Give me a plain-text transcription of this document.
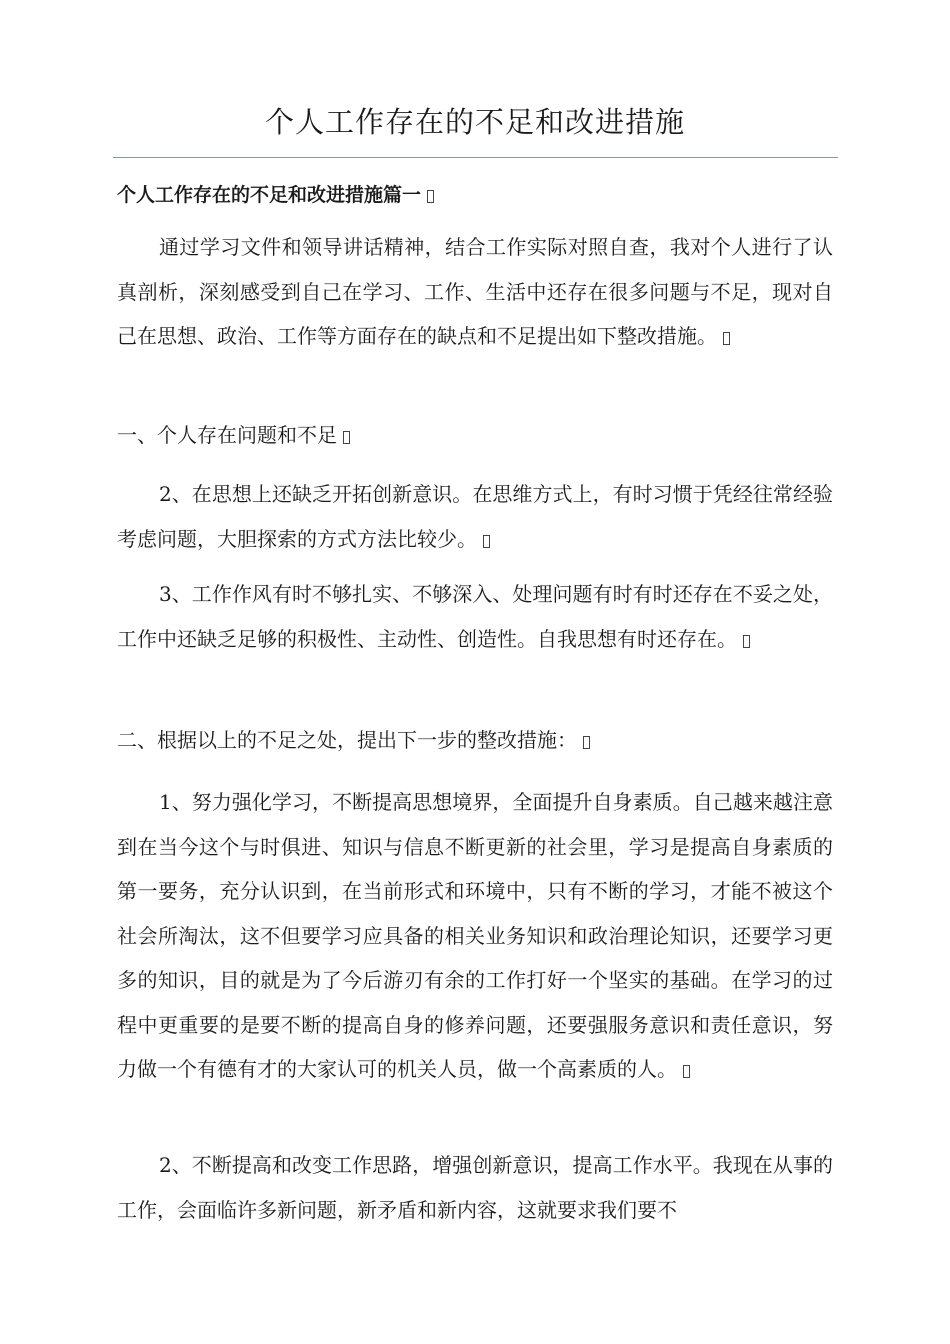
个人工作存在的不足和改进措施
个人工作存在的不足和改进措施篇一

通过学习文件和领导讲话精神，结合工作实际对照自查，我对个人进行了认真剖析，深刻感受到自己在学习、工作、生活中还存在很多问题与不足，现对自己在思想、政治、工作等方面存在的缺点和不足提出如下整改措施。

一、个人存在问题和不足

2、在思想上还缺乏开拓创新意识。在思维方式上，有时习惯于凭经往常经验考虑问题，大胆探索的方式方法比较少。

3、工作作风有时不够扎实、不够深入、处理问题有时有时还存在不妥之处，工作中还缺乏足够的积极性、主动性、创造性。自我思想有时还存在。

二、根据以上的不足之处，提出下一步的整改措施：

1、努力强化学习，不断提高思想境界，全面提升自身素质。自己越来越注意到在当今这个与时俱进、知识与信息不断更新的社会里，学习是提高自身素质的第一要务，充分认识到，在当前形式和环境中，只有不断的学习，才能不被这个社会所淘汰，这不但要学习应具备的相关业务知识和政治理论知识，还要学习更多的知识，目的就是为了今后游刃有余的工作打好一个坚实的基础。在学习的过程中更重要的是要不断的提高自身的修养问题，还要强服务意识和责任意识，努力做一个有德有才的大家认可的机关人员，做一个高素质的人。

2、不断提高和改变工作思路，增强创新意识，提高工作水平。我现在从事的工作，会面临许多新问题，新矛盾和新内容，这就要求我们要不
